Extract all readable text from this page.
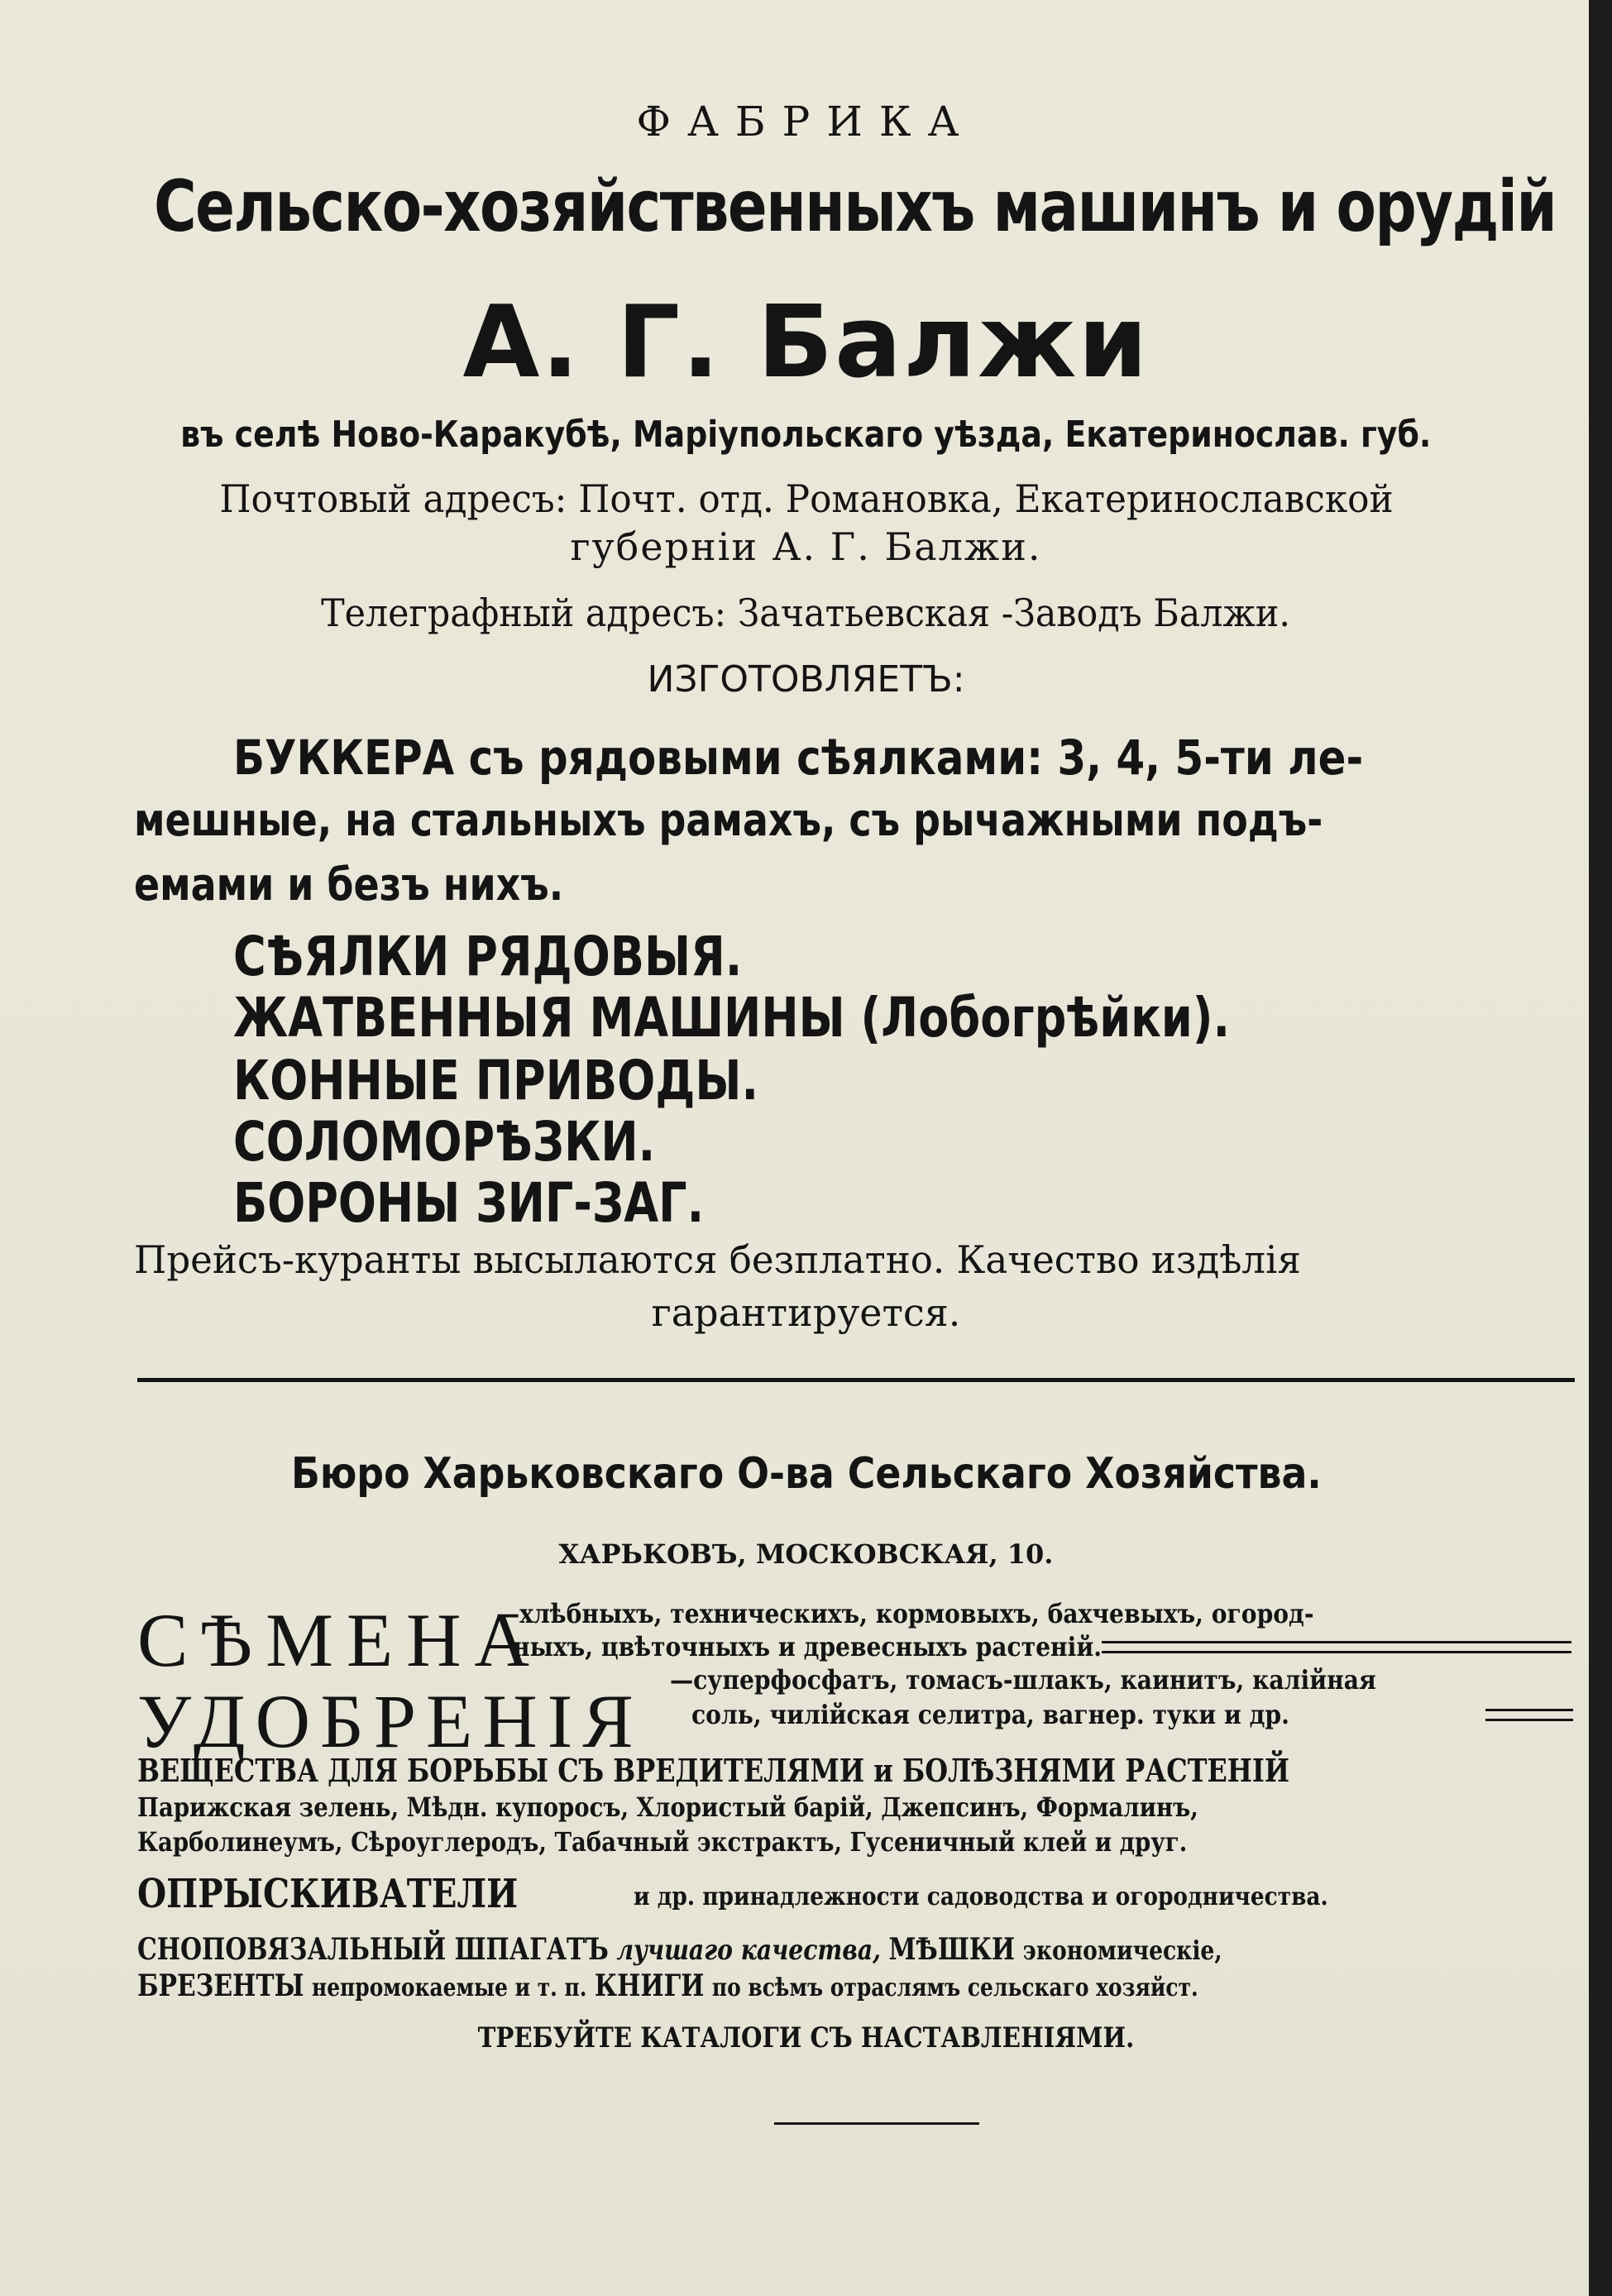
ФАБРИКА
Сельско-хозяйственныхъ машинъ и орудій
А. Г. Балжи
въ селѣ Ново-Каракубѣ, Маріупольскаго уѣзда, Екатеринослав. губ.
Почтовый адресъ: Почт. отд. Романовка, Екатеринославской
губерніи А. Г. Балжи.
Телеграфный адресъ: Зачатьевская -Заводъ Балжи.
ИЗГОТОВЛЯЕТЪ:
БУККЕРА съ рядовыми сѣялками: 3, 4, 5-ти ле-
мешные, на стальныхъ рамахъ, съ рычажными подъ-
емами и безъ нихъ.
СѢЯЛКИ РЯДОВЫЯ.
ЖАТВЕННЫЯ МАШИНЫ (Лобогрѣйки).
КОННЫЕ ПРИВОДЫ.
СОЛОМОРѢЗКИ.
БОРОНЫ ЗИГ-ЗАГ.
Прейсъ-куранты высылаются безплатно. Качество издѣлія
гарантируется.
Бюро Харьковскаго О-ва Сельскаго Хозяйства.
ХАРЬКОВЪ, МОСКОВСКАЯ, 10.
СѢМЕНА
—хлѣбныхъ, техническихъ, кормовыхъ, бахчевыхъ, огород-
ныхъ, цвѣточныхъ и древесныхъ растеній.
УДОБРЕНІЯ —суперфосфатъ, томасъ-шлакъ, каинитъ, калійная
соль, чилійская селитра, вагнер. туки и др.
ВЕЩЕСТВА ДЛЯ БОРЬБЫ СЪ ВРЕДИТЕЛЯМИ и БОЛѢЗНЯМИ РАСТЕНІЙ
Парижская зелень, Мѣдн. купоросъ, Хлористый барій, Джепсинъ, Формалинъ,
Карболинеумъ, Сѣроуглеродъ, Табачный экстрактъ, Гусеничный клей и друг.
ОПРЫСКИВАТЕЛИ	и др. принадлежности садоводства и огородничества.
СНОПОВЯЗАЛЬНЫЙ ШПАГАТЪ лучшаго качества, МѢШКИ экономическіе,
БРЕЗЕНТЫ непромокаемые и т. п. КНИГИ по всѣмъ отраслямъ сельскаго хозяйст.
ТРЕБУЙТЕ КАТАЛОГИ СЪ НАСТАВЛЕНІЯМИ.
